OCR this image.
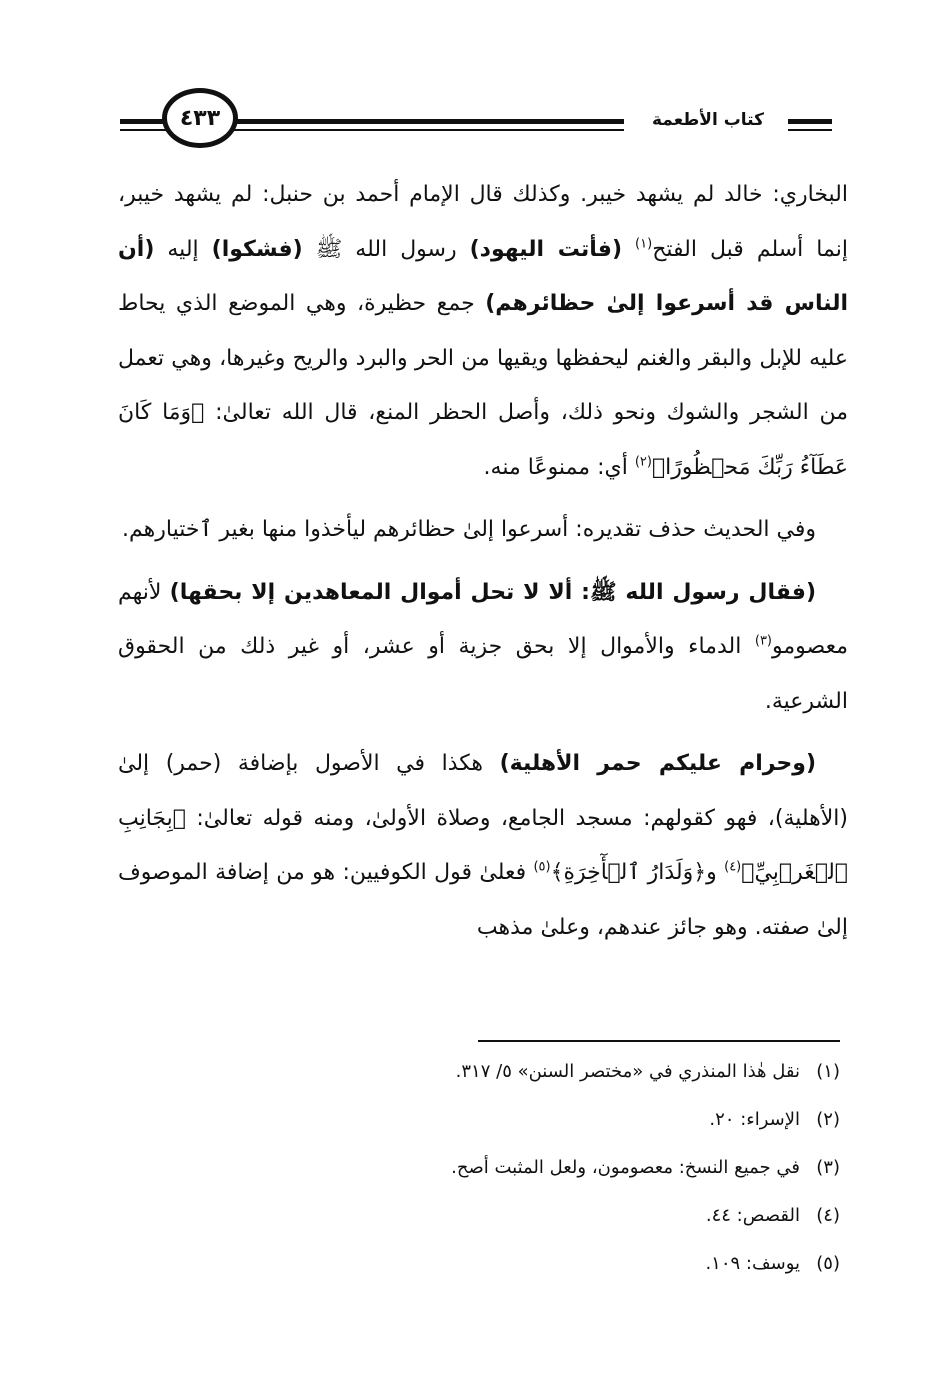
٤٣٣	كتاب الأطعمة

البخاري: خالد لم يشهد خيبر. وكذلك قال الإمام أحمد بن حنبل: لم يشهد خيبر، إنما أسلم قبل الفتح$^{(١)}$ (فأتت اليهود) رسول الله ﷺ (فشكوا) إليه (أن الناس قد أسرعوا إلىٰ حظائرهم) جمع حظيرة، وهي الموضع الذي يحاط عليه للإبل والبقر والغنم ليحفظها ويقيها من الحر والبرد والريح وغيرها، وهي تعمل من الشجر والشوك ونحو ذلك، وأصل الحظر المنع، قال الله تعالىٰ: ﴿وَمَا كَانَ عَطَآءُ رَبِّكَ مَحۡظُورًا﴾$^{(٢)}$ أي: ممنوعًا منه.

وفي الحديث حذف تقديره: أسرعوا إلىٰ حظائرهم ليأخذوا منها بغير ٱختيارهم.

(فقال رسول الله ﷺ: ألا لا تحل أموال المعاهدين إلا بحقها) لأنهم معصومو$^{(٣)}$ الدماء والأموال إلا بحق جزية أو عشر، أو غير ذلك من الحقوق الشرعية.

(وحرام عليكم حمر الأهلية) هكذا في الأصول بإضافة (حمر) إلىٰ (الأهلية)، فهو كقولهم: مسجد الجامع، وصلاة الأولىٰ، ومنه قوله تعالىٰ: ﴿بِجَانِبِ ٱلۡغَرۡبِيِّ﴾$^{(٤)}$ و﴿وَلَدَارُ ٱلۡأٓخِرَةِ﴾$^{(٥)}$ فعلىٰ قول الكوفيين: هو من إضافة الموصوف إلىٰ صفته. وهو جائز عندهم، وعلىٰ مذهب

(١)نقل هٰذا المنذري في «مختصر السنن» ٥/ ٣١٧.
(٢)الإسراء: ٢٠.
(٣)في جميع النسخ: معصومون، ولعل المثبت أصح.
(٤)القصص: ٤٤.
(٥)يوسف: ١٠٩.
